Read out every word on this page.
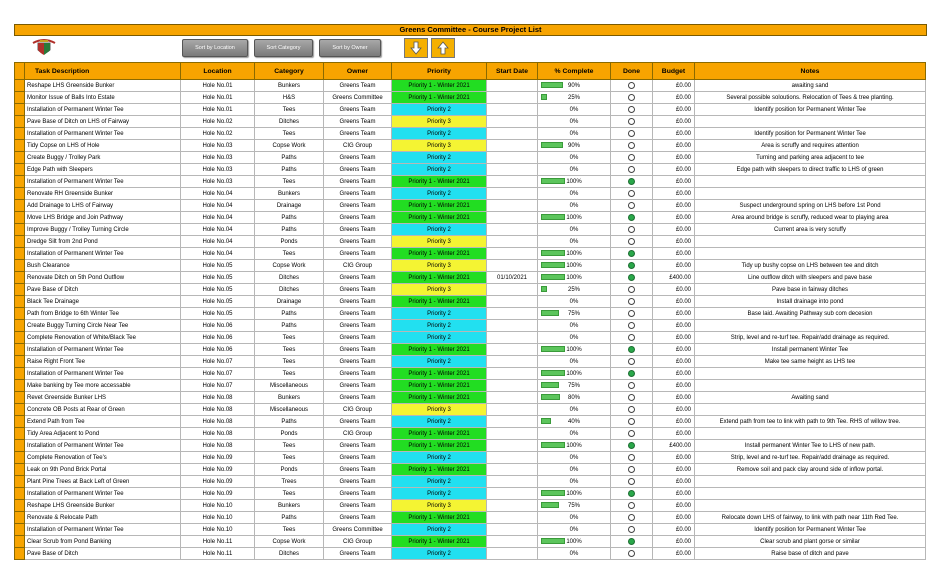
Greens Committee - Course Project List
Sort by Location	Sort Category	Sort by Owner
	Task Description	Location	Category	Owner	Priority	Start Date	% Complete	Done	Budget	Notes
	Reshape LHS Greenside Bunker	Hole No.01	Bunkers	Greens Team	Priority 1 - Winter 2021		90%		£0.00	awaiting sand
	Monitor Issue of Balls Into Estate	Hole No.01	H&S	Greens Committee	Priority 1 - Winter 2021		25%		£0.00	Several possible soloutions. Relocation of Tees & tree planting.
	Installation of Permanent Winter Tee	Hole No.01	Tees	Greens Team	Priority 2		0%		£0.00	Identify position for Permanent Winter Tee
	Pave Base of Ditch on LHS of Fairway	Hole No.02	Ditches	Greens Team	Priority 3		0%		£0.00	
	Installation of Permanent Winter Tee	Hole No.02	Tees	Greens Team	Priority 2		0%		£0.00	Identify position for Permanent Winter Tee
	Tidy Copse on LHS of Hole	Hole No.03	Copse Work	CIG Group	Priority 3		90%		£0.00	Area is scruffy and requires attention
	Create Buggy / Trolley Park	Hole No.03	Paths	Greens Team	Priority 2		0%		£0.00	Turning and parking area adjacent to tee
	Edge Path with Sleepers	Hole No.03	Paths	Greens Team	Priority 2		0%		£0.00	Edge path with sleepers to direct traffic to LHS of green
	Installation of Permanent Winter Tee	Hole No.03	Tees	Greens Team	Priority 1 - Winter 2021		100%		£0.00	
	Renovate RH Greenside Bunker	Hole No.04	Bunkers	Greens Team	Priority 2		0%		£0.00	
	Add Drainage to LHS of Fairway	Hole No.04	Drainage	Greens Team	Priority 1 - Winter 2021		0%		£0.00	Suspect underground spring on LHS before 1st Pond
	Move LHS Bridge and Join Pathway	Hole No.04	Paths	Greens Team	Priority 1 - Winter 2021		100%		£0.00	Area around bridge is scruffy, reduced wear to playing area
	Improve Buggy / Trolley Turning Circle	Hole No.04	Paths	Greens Team	Priority 2		0%		£0.00	Current area is very scruffy
	Dredge Silt from 2nd Pond	Hole No.04	Ponds	Greens Team	Priority 3		0%		£0.00	
	Installation of Permanent Winter Tee	Hole No.04	Tees	Greens Team	Priority 1 - Winter 2021		100%		£0.00	
	Bush Clearance	Hole No.05	Copse Work	CIG Group	Priority 3		100%		£0.00	Tidy up bushy copse on LHS between tee and ditch
	Renovate Ditch on 5th Pond Outflow	Hole No.05	Ditches	Greens Team	Priority 1 - Winter 2021	01/10/2021	100%		£400.00	Line outflow ditch with sleepers and pave base
	Pave Base of Ditch	Hole No.05	Ditches	Greens Team	Priority 3		25%		£0.00	Pave base in fairway ditches
	Black Tee Drainage	Hole No.05	Drainage	Greens Team	Priority 1 - Winter 2021		0%		£0.00	Install drainage into pond
	Path from Bridge to 6th Winter Tee	Hole No.05	Paths	Greens Team	Priority 2		75%		£0.00	Base laid. Awaiting Pathway sub com decesion
	Create Buggy Turning Circle Near Tee	Hole No.06	Paths	Greens Team	Priority 2		0%		£0.00	
	Complete Renovation of White/Black Tee	Hole No.06	Tees	Greens Team	Priority 2		0%		£0.00	Strip, level and re-turf tee. Repair/add drainage as required.
	Installation of Permanent Winter Tee	Hole No.06	Tees	Greens Team	Priority 1 - Winter 2021		100%		£0.00	Install permanent Winter Tee
	Raise Right Front Tee	Hole No.07	Tees	Greens Team	Priority 2		0%		£0.00	Make tee same height as LHS tee
	Installation of Permanent Winter Tee	Hole No.07	Tees	Greens Team	Priority 1 - Winter 2021		100%		£0.00	
	Make banking by Tee more accessable	Hole No.07	Miscellaneous	Greens Team	Priority 1 - Winter 2021		75%		£0.00	
	Revet Greenside Bunker LHS	Hole No.08	Bunkers	Greens Team	Priority 1 - Winter 2021		80%		£0.00	Awaiting sand
	Concrete OB Posts at Rear of Green	Hole No.08	Miscellaneous	CIG Group	Priority 3		0%		£0.00	
	Extend Path from Tee	Hole No.08	Paths	Greens Team	Priority 2		40%		£0.00	Extend path from tee to link with path to 9th Tee. RHS of willow tree.
	Tidy Area Adjacent to Pond	Hole No.08	Ponds	CIG Group	Priority 1 - Winter 2021		0%		£0.00	
	Installation of Permanent Winter Tee	Hole No.08	Tees	Greens Team	Priority 1 - Winter 2021		100%		£400.00	Install permanent Winter Tee to LHS of new path.
	Complete Renovation of Tee's	Hole No.09	Tees	Greens Team	Priority 2		0%		£0.00	Strip, level and re-turf tee. Repair/add drainage as required.
	Leak on 9th Pond Brick Portal	Hole No.09	Ponds	Greens Team	Priority 1 - Winter 2021		0%		£0.00	Remove soil and pack clay around side of inflow portal.
	Plant Pine Trees at Back Left of Green	Hole No.09	Trees	Greens Team	Priority 2		0%		£0.00	
	Installation of Permanent Winter Tee	Hole No.09	Tees	Greens Team	Priority 2		100%		£0.00	
	Reshape LHS Greenside Bunker	Hole No.10	Bunkers	Greens Team	Priority 3		75%		£0.00	
	Renovate & Relocate Path	Hole No.10	Paths	Greens Team	Priority 1 - Winter 2021		0%		£0.00	Relocate down LHS of fairway, to link with path near 11th Red Tee.
	Installation of Permanent Winter Tee	Hole No.10	Tees	Greens Committee	Priority 2		0%		£0.00	Identify position for Permanent Winter Tee
	Clear Scrub from Pond Banking	Hole No.11	Copse Work	CIG Group	Priority 1 - Winter 2021		100%		£0.00	Clear scrub and plant gorse or similar
	Pave Base of Ditch	Hole No.11	Ditches	Greens Team	Priority 2		0%		£0.00	Raise base of ditch and pave
